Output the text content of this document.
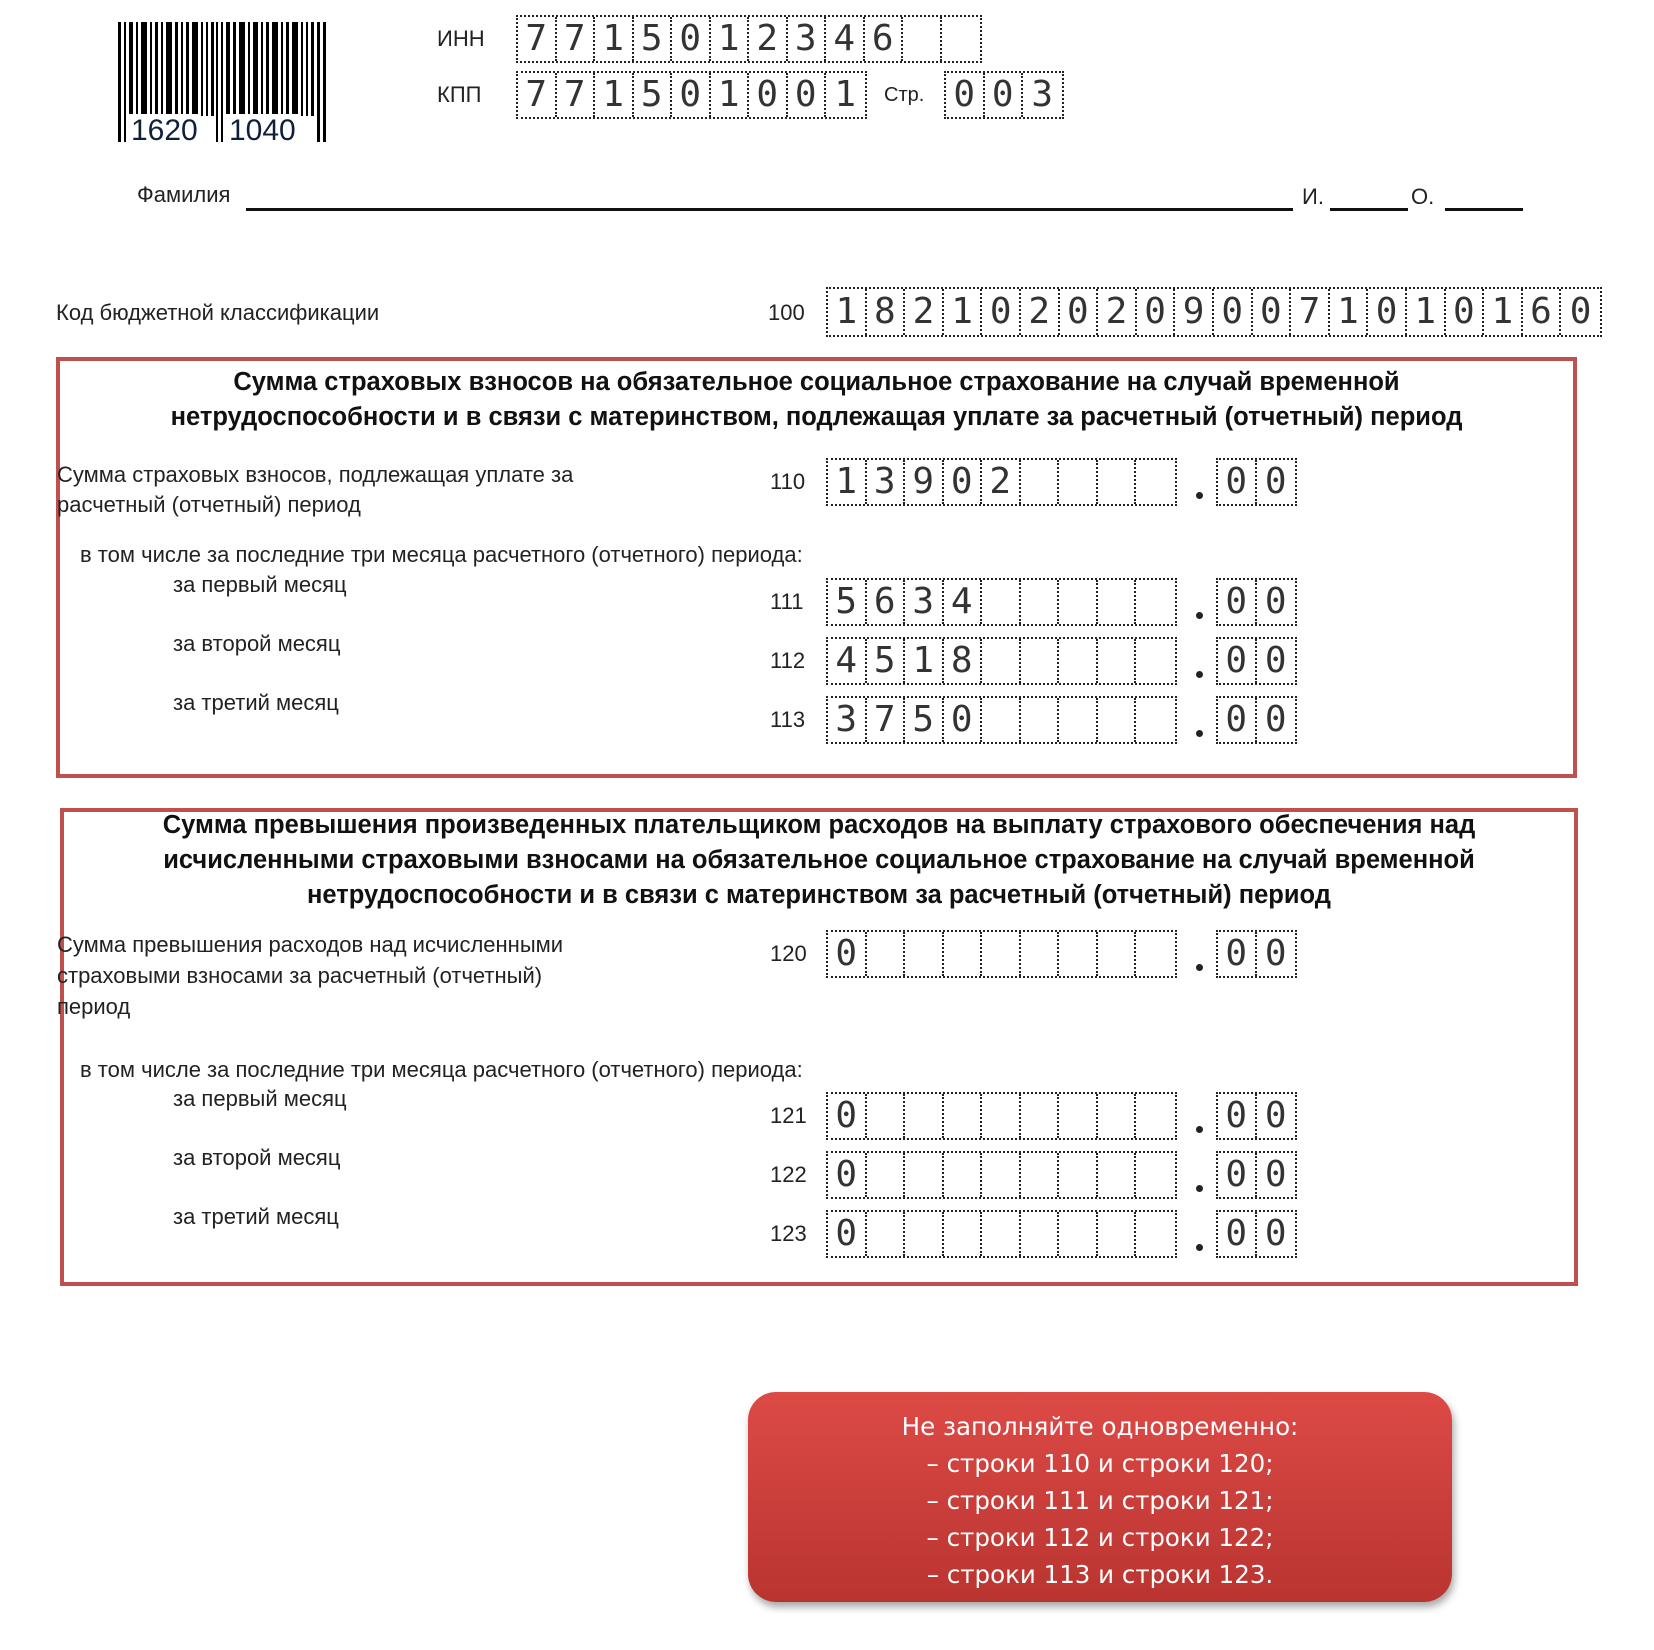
1620 1040
ИНН 7 7 1 5 0 1 2 3 4 6
КПП 7 7 1 5 0 1 0 0 1	Стр. 0 0 3
Фамилия	И.	О.
Код бюджетной классификации	100 1 8 2 1 0 2 0 2 0 9 0 0 7 1 0 1 0 1 6 0
Сумма страховых взносов на обязательное социальное страхование на случай временной
нетрудоспособности и в связи с материнством, подлежащая уплате за расчетный (отчетный) период
Сумма страховых взносов, подлежащая уплате за
расчетный (отчетный) период
в том числе за последние три месяца расчетного (отчетного) периода:
110 1 3 9 0 2	0 0
за первый месяц
111 5 6 3 4	0 0
за второй месяц
112 4 5 1 8	0 0
за третий месяц
113 3 7 5 0	0 0
Сумма превышения произведенных плательщиком расходов на выплату страхового обеспечения над
исчисленными страховыми взносами на обязательное социальное страхование на случай временной
нетрудоспособности и в связи с материнством за расчетный (отчетный) период
Сумма превышения расходов над исчисленными
страховыми взносами за расчетный (отчетный)
период
в том числе за последние три месяца расчетного (отчетного) периода:
120 0	0 0
за первый месяц
121 0	0 0
за второй месяц
122 0	0 0
за третий месяц
123 0	0 0
Не заполняйте одновременно:
– строки 110 и строки 120;
– строки 111 и строки 121;
– строки 112 и строки 122;
– строки 113 и строки 123.
